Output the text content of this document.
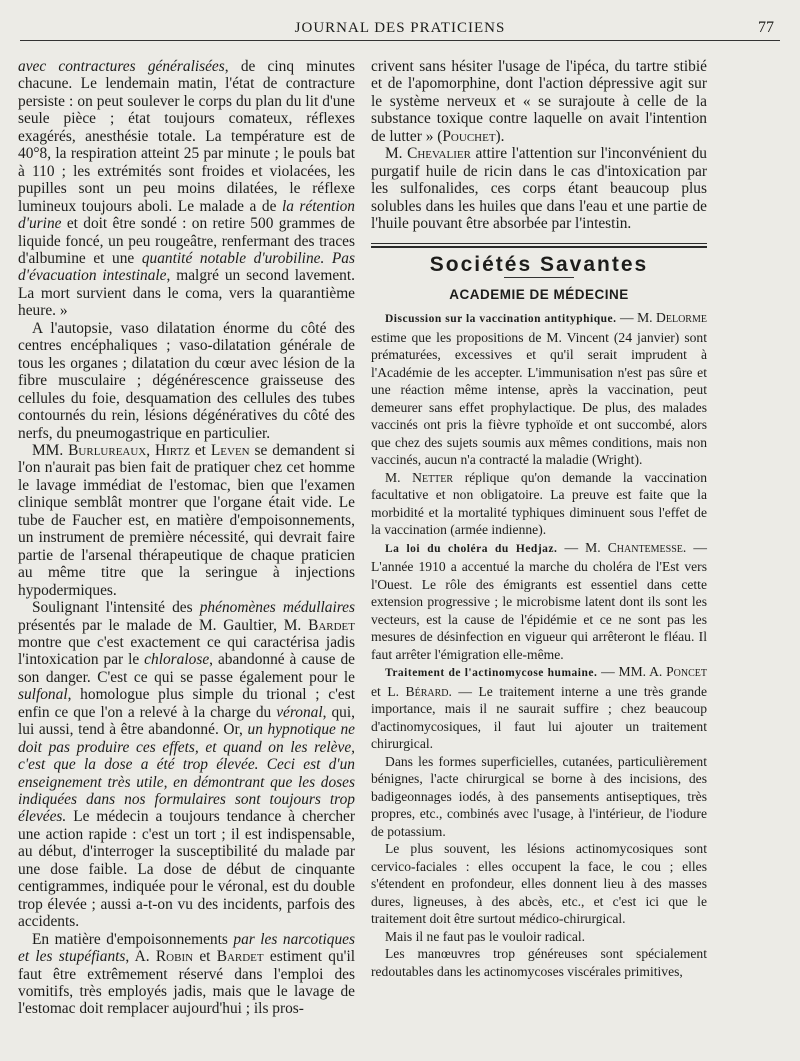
JOURNAL DES PRATICIENS	77

avec contractures généralisées, de cinq minutes chacune. Le lendemain matin, l'état de contracture persiste : on peut soulever le corps du plan du lit d'une seule pièce ; état toujours comateux, réflexes exagérés, anesthésie totale. La température est de 40°8, la respiration atteint 25 par minute ; le pouls bat à 110 ; les extrémités sont froides et violacées, les pupilles sont un peu moins dilatées, le réflexe lumineux toujours aboli. Le malade a de la rétention d'urine et doit être sondé : on retire 500 grammes de liquide foncé, un peu rougeâtre, renfermant des traces d'albumine et une quantité notable d'urobiline. Pas d'évacuation intestinale, malgré un second lavement. La mort survient dans le coma, vers la quarantième heure. »

A l'autopsie, vaso dilatation énorme du côté des centres encéphaliques ; vaso-dilatation générale de tous les organes ; dilatation du cœur avec lésion de la fibre musculaire ; dégénérescence graisseuse des cellules du foie, desquamation des cellules des tubes contournés du rein, lésions dégénératives du côté des nerfs, du pneumogastrique en particulier.

MM. Burlureaux, Hirtz et Leven se demandent si l'on n'aurait pas bien fait de pratiquer chez cet homme le lavage immédiat de l'estomac, bien que l'examen clinique semblât montrer que l'organe était vide. Le tube de Faucher est, en matière d'empoisonnements, un instrument de première nécessité, qui devrait faire partie de l'arsenal thérapeutique de chaque praticien au même titre que la seringue à injections hypodermiques.

Soulignant l'intensité des phénomènes médullaires présentés par le malade de M. Gaultier, M. Bardet montre que c'est exactement ce qui caractérisa jadis l'intoxication par le chloralose, abandonné à cause de son danger. C'est ce qui se passe également pour le sulfonal, homologue plus simple du trional ; c'est enfin ce que l'on a relevé à la charge du véronal, qui, lui aussi, tend à être abandonné. Or, un hypnotique ne doit pas produire ces effets, et quand on les relève, c'est que la dose a été trop élevée. Ceci est d'un enseignement très utile, en démontrant que les doses indiquées dans nos formulaires sont toujours trop élevées. Le médecin a toujours tendance à chercher une action rapide : c'est un tort ; il est indispensable, au début, d'interroger la susceptibilité du malade par une dose faible. La dose de début de cinquante centigrammes, indiquée pour le véronal, est du double trop élevée ; aussi a-t-on vu des incidents, parfois des accidents.

En matière d'empoisonnements par les narcotiques et les stupéfiants, A. Robin et Bardet estiment qu'il faut être extrêmement réservé dans l'emploi des vomitifs, très employés jadis, mais que le lavage de l'estomac doit remplacer aujourd'hui ; ils pros-

crivent sans hésiter l'usage de l'ipéca, du tartre stibié et de l'apomorphine, dont l'action dépressive agit sur le système nerveux et « se surajoute à celle de la substance toxique contre laquelle on avait l'intention de lutter » (Pouchet).

M. Chevalier attire l'attention sur l'inconvénient du purgatif huile de ricin dans le cas d'intoxication par les sulfonalides, ces corps étant beaucoup plus solubles dans les huiles que dans l'eau et une partie de l'huile pouvant être absorbée par l'intestin.

Sociétés Savantes
ACADEMIE DE MÉDECINE

Discussion sur la vaccination antityphique. — M. Delorme estime que les propositions de M. Vincent (24 janvier) sont prématurées, excessives et qu'il serait imprudent à l'Académie de les accepter. L'immunisation n'est pas sûre et une réaction même intense, après la vaccination, peut demeurer sans effet prophylactique. De plus, des malades vaccinés ont pris la fièvre typhoïde et ont succombé, alors que chez des sujets soumis aux mêmes conditions, mais non vaccinés, aucun n'a contracté la maladie (Wright).

M. Netter réplique qu'on demande la vaccination facultative et non obligatoire. La preuve est faite que la morbidité et la mortalité typhiques diminuent sous l'effet de la vaccination (armée indienne).

La loi du choléra du Hedjaz. — M. Chantemesse. — L'année 1910 a accentué la marche du choléra de l'Est vers l'Ouest. Le rôle des émigrants est essentiel dans cette extension progressive ; le microbisme latent dont ils sont les vecteurs, est la cause de l'épidémie et ce ne sont pas les mesures de désinfection en vigueur qui arrêteront le fléau. Il faut arrêter l'émigration elle-même.

Traitement de l'actinomycose humaine. — MM. A. Poncet et L. Bérard. — Le traitement interne a une très grande importance, mais il ne saurait suffire ; chez beaucoup d'actinomycosiques, il faut lui ajouter un traitement chirurgical.

Dans les formes superficielles, cutanées, particulièrement bénignes, l'acte chirurgical se borne à des incisions, des badigeonnages iodés, à des pansements antiseptiques, très propres, etc., combinés avec l'usage, à l'intérieur, de l'iodure de potassium.

Le plus souvent, les lésions actinomycosiques sont cervico-faciales : elles occupent la face, le cou ; elles s'étendent en profondeur, elles donnent lieu à des masses dures, ligneuses, à des abcès, etc., et c'est ici que le traitement doit être surtout médico-chirurgical.

Mais il ne faut pas le vouloir radical.

Les manœuvres trop généreuses sont spécialement redoutables dans les actinomycoses viscérales primitives,
